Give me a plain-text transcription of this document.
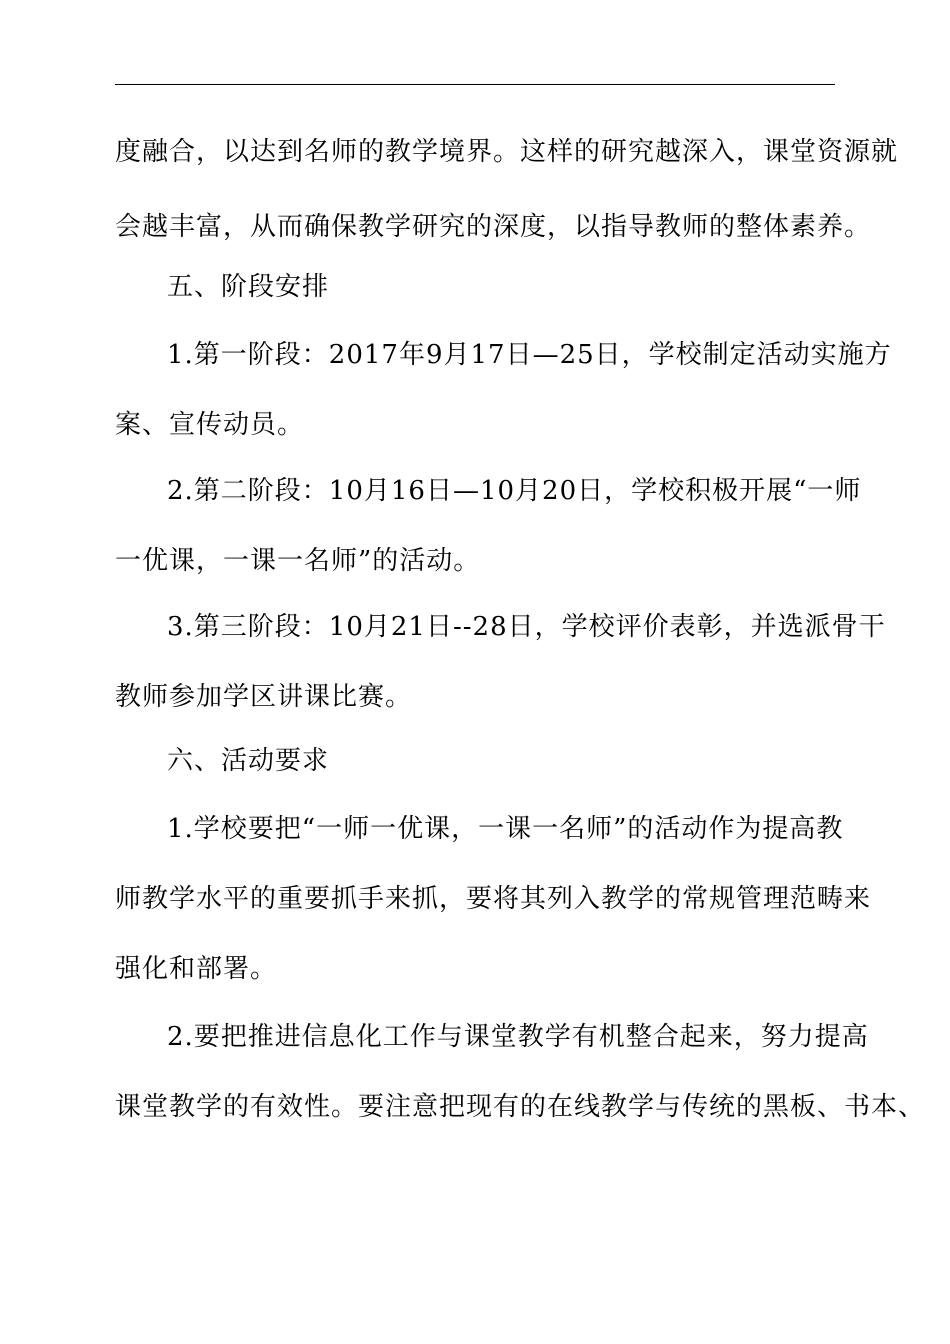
度融合，以达到名师的教学境界。这样的研究越深入，课堂资源就
会越丰富，从而确保教学研究的深度，以指导教师的整体素养。
五、阶段安排
1.第一阶段：2017年9月17日—25日，学校制定活动实施方
案、宣传动员。
2.第二阶段：10月16日—10月20日，学校积极开展“一师
一优课，一课一名师”的活动。
3.第三阶段：10月21日--28日，学校评价表彰，并选派骨干
教师参加学区讲课比赛。
六、活动要求
1.学校要把“一师一优课，一课一名师”的活动作为提高教
师教学水平的重要抓手来抓，要将其列入教学的常规管理范畴来
强化和部署。
2.要把推进信息化工作与课堂教学有机整合起来，努力提高
课堂教学的有效性。要注意把现有的在线教学与传统的黑板、书本、
